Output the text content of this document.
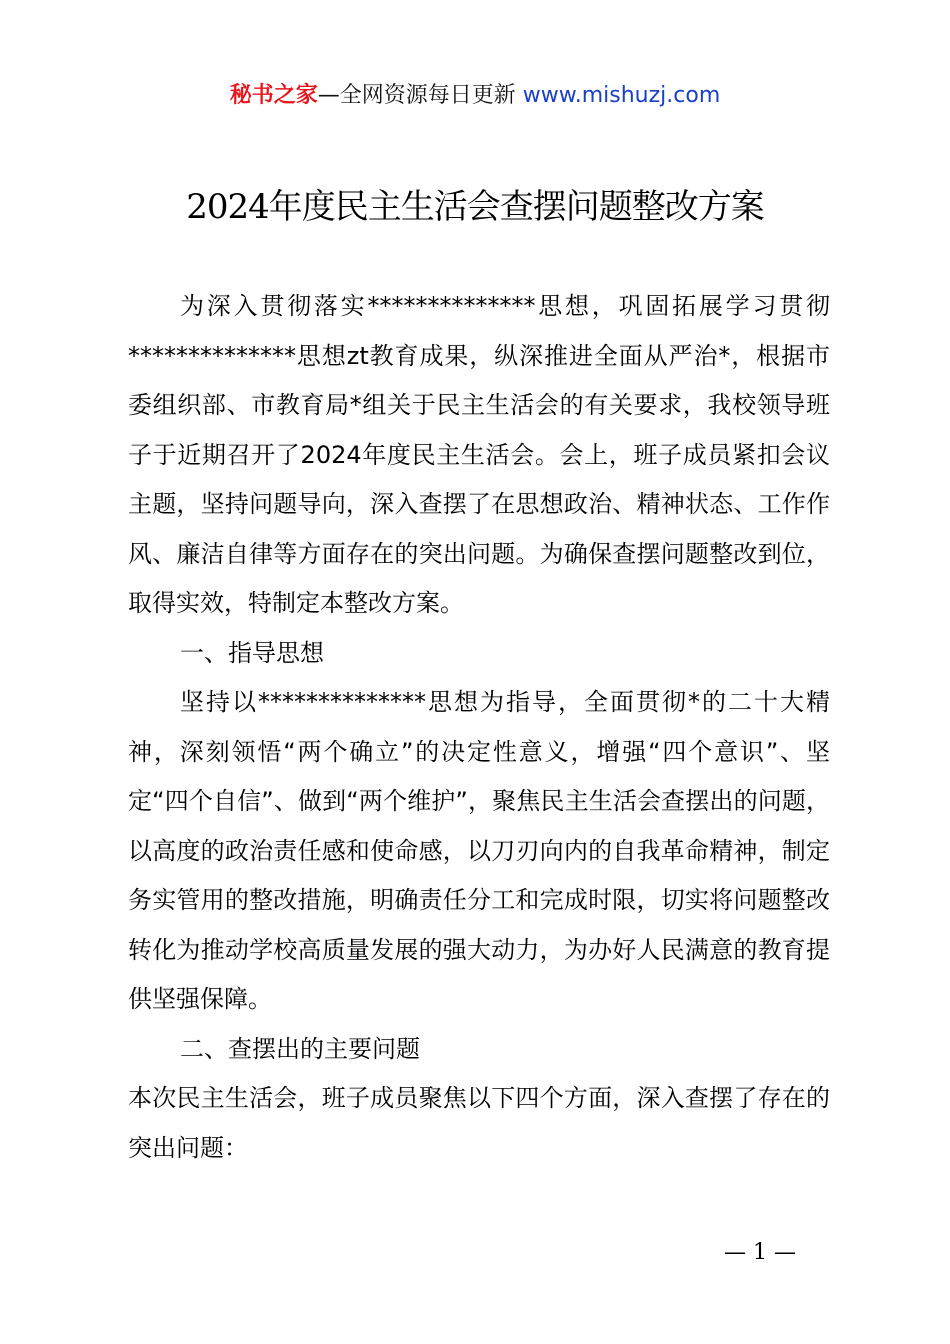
秘书之家—全网资源每日更新 www.mishuzj.com
2024年度民主生活会查摆问题整改方案

为深入贯彻落实**************思想，巩固拓展学习贯彻**************思想zt教育成果，纵深推进全面从严治*，根据市委组织部、市教育局*组关于民主生活会的有关要求，我校领导班子于近期召开了2024年度民主生活会。会上，班子成员紧扣会议主题，坚持问题导向，深入查摆了在思想政治、精神状态、工作作风、廉洁自律等方面存在的突出问题。为确保查摆问题整改到位，取得实效，特制定本整改方案。

一、指导思想

坚持以**************思想为指导，全面贯彻*的二十大精神，深刻领悟“两个确立”的决定性意义，增强“四个意识”、坚定“四个自信”、做到“两个维护”，聚焦民主生活会查摆出的问题，以高度的政治责任感和使命感，以刀刃向内的自我革命精神，制定务实管用的整改措施，明确责任分工和完成时限，切实将问题整改转化为推动学校高质量发展的强大动力，为办好人民满意的教育提供坚强保障。

二、查摆出的主要问题

本次民主生活会，班子成员聚焦以下四个方面，深入查摆了存在的突出问题：

— 1 —
